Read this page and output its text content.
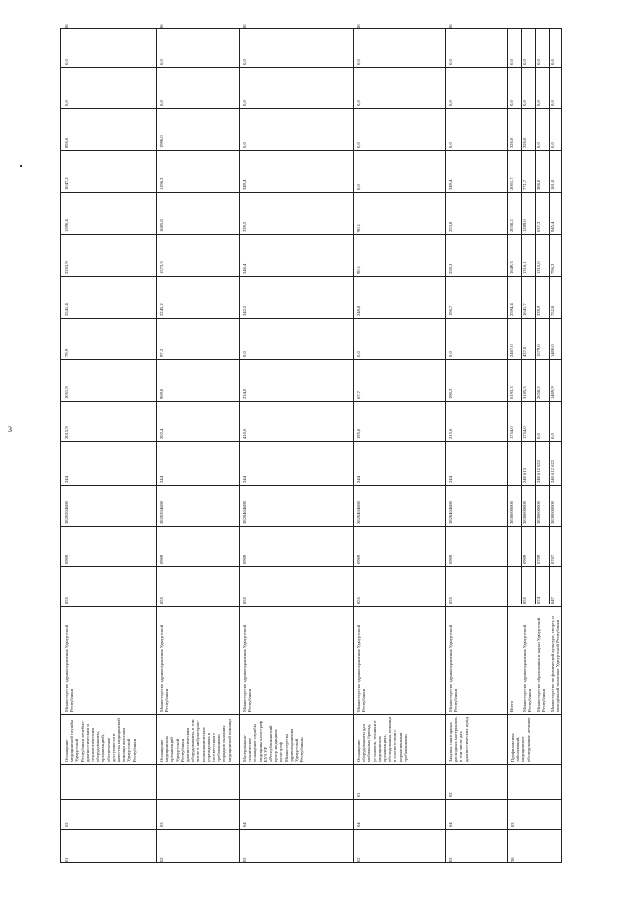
3
0,0
0,0
895,6
1047,2
1590,4
2263,9
2541,4
79,9
1051,9
2015,9
244
3820204680
0909
855
Министерство здравоохранения Удмуртской Республики
Оснащение медицинской службы Удмуртской Республики лечебно-диагностическим и технологическим оборудованием, организацией, обеспечение доступности и качества медицинской помощи жителям Удмуртской Республики
02
01
38
0,0
0,0
1990,0
1196,3
1085,8
1573,3
2245,2
97,3
969,0
202,4
244
3820204680
0909
855
Министерство здравоохранения Удмуртской Республики
Оснащение медицинских организаций Удмуртской Республики диагностическим оборудованием, в том числе в амбулаторно-поликлинических учреждениях в соответствии с требованиями порядков оказания медицинской помощи
03
02
38
0,0
0,0
0,0
349,4
339,5
346,4
342,5
0,0
234,0
410,6
244
3820404680
0909
855
Министерство здравоохранения Удмуртской Республики
Материально-техническое оснащение службы медицины катастроф БУЗ УР «Республиканский центр медицины катастроф Министерства здравоохранения Удмуртской Республики»
04
02
38
0,0
0,0
0,0
0,0
90,1
90,1
248,8
0,0
67,7
195,0
244
3820404680
0909
855
Министерство здравоохранения Удмуртской Республики
Оснащение оборудованием для мобильных бригад, установок, техники в медицинских организациях, обследования, помощи в соответствии с нормативными требованиями
01
04
02
38
0,0
0,0
0,0
349,4
253,8
250,3
196,7
0,0
190,3
215,6
244
3820404680
0909
855
Министерство здравоохранения Удмуртской Республики
Закупка санитарных расходных материалов, в том числе для диагностических нужд
02
04
02
38
38
03
Профилактика заболеваний, медицинское обследование, лечение
0,0
0,0
320,0
2001,7
2038,2
1649,3
2594,4
2467,0
6193,3
1754,0
3830000000
Всего
0,0
0,0
320,0
771,7
1289,0
1316,1
1641,7
437,0
3185,5
1754,0
240 613
3830000000
0909
855
Министерство здравоохранения Удмуртской Республики
0,0
0,0
0,0
386,0
637,3
1315,0
339,9
1579,0
2658,5
0,0
240 612 622
3830000000
0709
874
Министерство образования и науки Удмуртской Республики
0,0
0,0
0,0
181,0
945,4
796,3
752,8
1400,0
1409,9
0,0
240 612 622
3830000000
0707
847
Министерство по физической культуре, спорту и молодёжной политике Удмуртской Республики
